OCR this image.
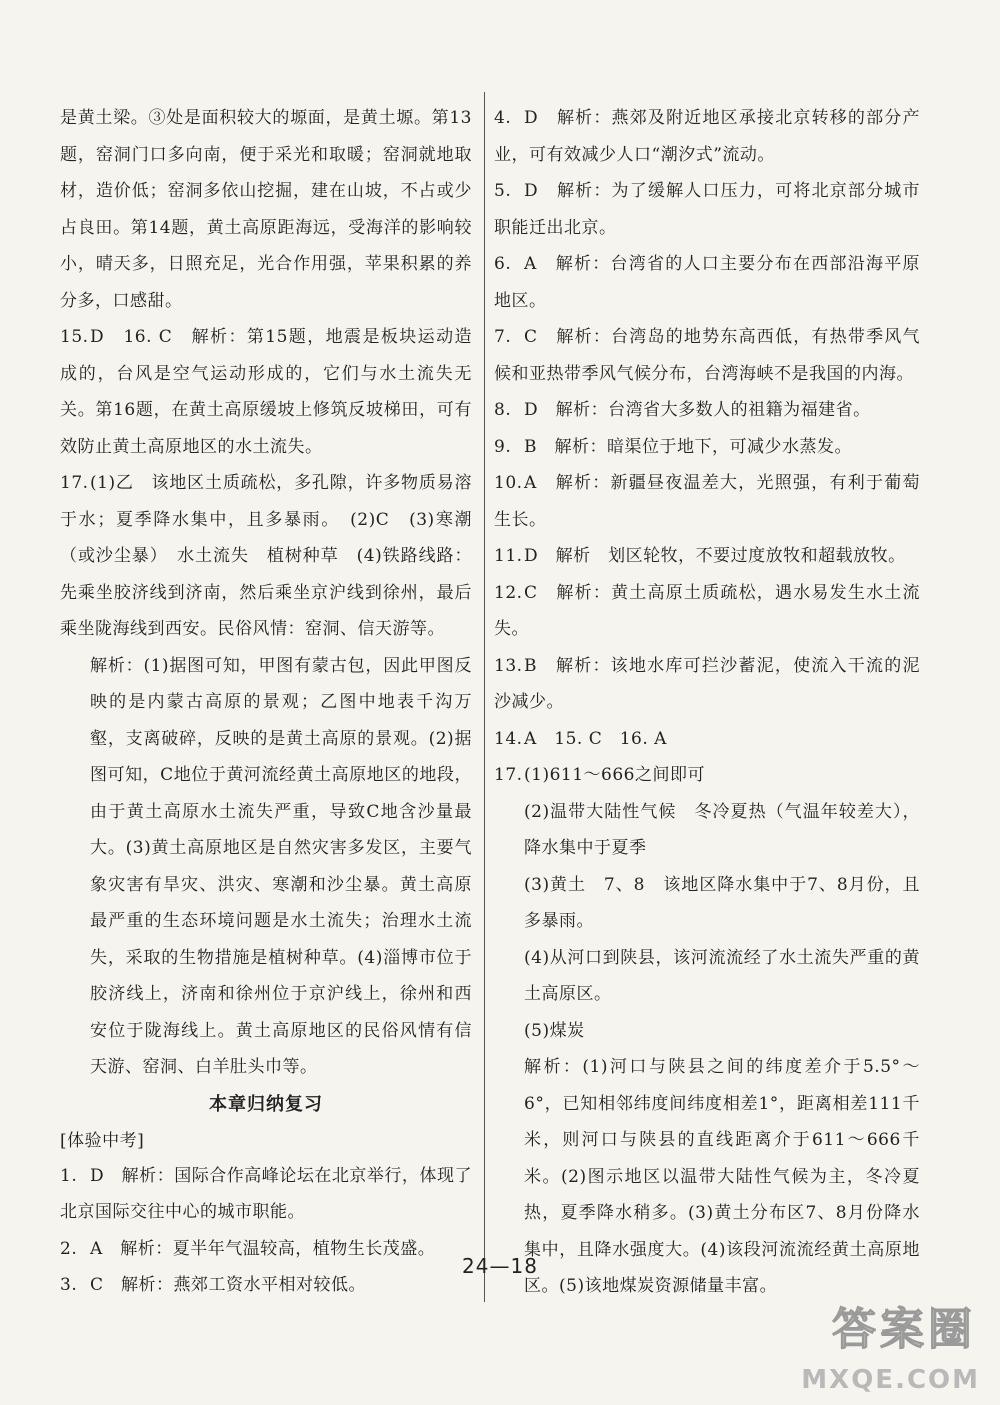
是黄土梁。③处是面积较大的塬面，是黄土塬。第13题，窑洞门口多向南，便于采光和取暖；窑洞就地取材，造价低；窑洞多依山挖掘，建在山坡，不占或少占良田。第14题，黄土高原距海远，受海洋的影响较小，晴天多，日照充足，光合作用强，苹果积累的养分多，口感甜。

15.D　16. C　解析：第15题，地震是板块运动造成的，台风是空气运动形成的，它们与水土流失无关。第16题，在黄土高原缓坡上修筑反坡梯田，可有效防止黄土高原地区的水土流失。

17.(1)乙　该地区土质疏松，多孔隙，许多物质易溶于水；夏季降水集中，且多暴雨。　(2)C　(3)寒潮（或沙尘暴）　水土流失　植树种草　(4)铁路线路：先乘坐胶济线到济南，然后乘坐京沪线到徐州，最后乘坐陇海线到西安。民俗风情：窑洞、信天游等。

解析：(1)据图可知，甲图有蒙古包，因此甲图反映的是内蒙古高原的景观；乙图中地表千沟万壑，支离破碎，反映的是黄土高原的景观。(2)据图可知，C地位于黄河流经黄土高原地区的地段，由于黄土高原水土流失严重，导致C地含沙量最大。(3)黄土高原地区是自然灾害多发区，主要气象灾害有旱灾、洪灾、寒潮和沙尘暴。黄土高原最严重的生态环境问题是水土流失；治理水土流失，采取的生物措施是植树种草。(4)淄博市位于胶济线上，济南和徐州位于京沪线上，徐州和西安位于陇海线上。黄土高原地区的民俗风情有信天游、窑洞、白羊肚头巾等。

本章归纳复习

[体验中考]

1. D　解析：国际合作高峰论坛在北京举行，体现了北京国际交往中心的城市职能。

2. A　解析：夏半年气温较高，植物生长茂盛。

3. C　解析：燕郊工资水平相对较低。

4. D　解析：燕郊及附近地区承接北京转移的部分产业，可有效减少人口“潮汐式”流动。

5. D　解析：为了缓解人口压力，可将北京部分城市职能迁出北京。

6. A　解析：台湾省的人口主要分布在西部沿海平原地区。

7. C　解析：台湾岛的地势东高西低，有热带季风气候和亚热带季风气候分布，台湾海峡不是我国的内海。

8. D　解析：台湾省大多数人的祖籍为福建省。

9. B　解析：暗渠位于地下，可减少水蒸发。

10.A　解析：新疆昼夜温差大，光照强，有利于葡萄生长。

11.D　解析　划区轮牧，不要过度放牧和超载放牧。

12.C　解析：黄土高原土质疏松，遇水易发生水土流失。

13.B　解析：该地水库可拦沙蓄泥，使流入干流的泥沙减少。

14.A　15. C　16. A

17.(1)611～666之间即可

(2)温带大陆性气候　冬冷夏热（气温年较差大），降水集中于夏季

(3)黄土　7、8　该地区降水集中于7、8月份，且多暴雨。

(4)从河口到陕县，该河流流经了水土流失严重的黄土高原区。

(5)煤炭

解析：(1)河口与陕县之间的纬度差介于5.5°～6°，已知相邻纬度间纬度相差1°，距离相差111千米，则河口与陕县的直线距离介于611～666千米。(2)图示地区以温带大陆性气候为主，冬冷夏热，夏季降水稍多。(3)黄土分布区7、8月份降水集中，且降水强度大。(4)该段河流流经黄土高原地区。(5)该地煤炭资源储量丰富。

24—18
答案圈
MXQE.COM
